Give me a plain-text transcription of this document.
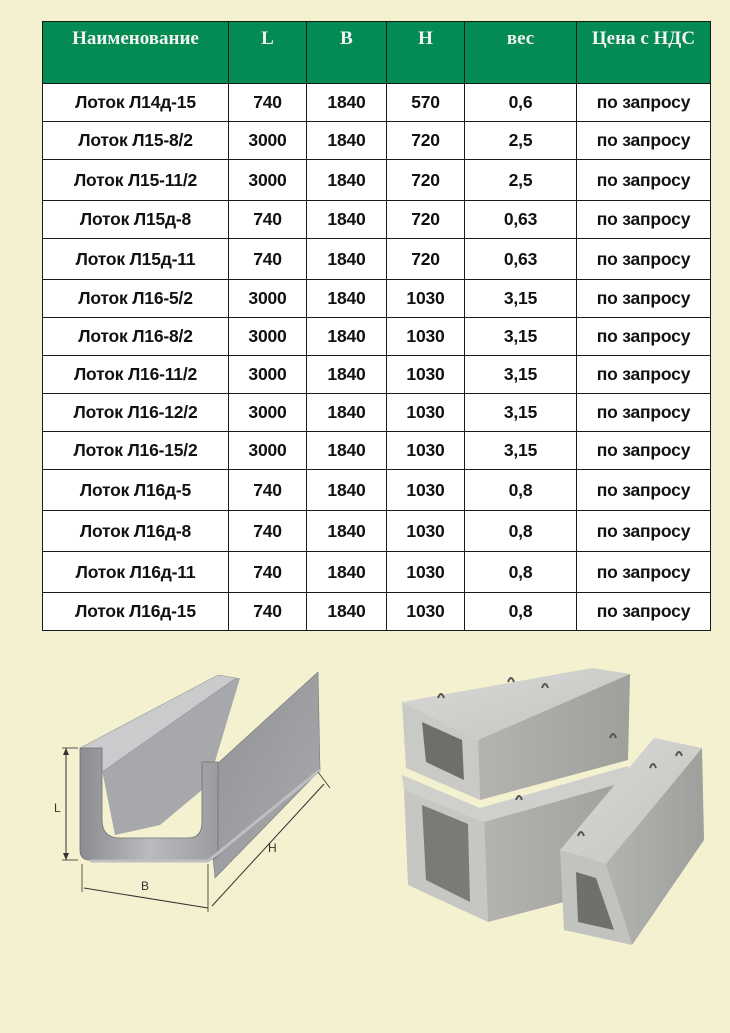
Наименование	L	B	H	вес	Цена с НДС
Лоток Л14д-15	740	1840	570	0,6	по запросу
Лоток Л15-8/2	3000	1840	720	2,5	по запросу
Лоток Л15-11/2	3000	1840	720	2,5	по запросу
Лоток Л15д-8	740	1840	720	0,63	по запросу
Лоток Л15д-11	740	1840	720	0,63	по запросу
Лоток Л16-5/2	3000	1840	1030	3,15	по запросу
Лоток Л16-8/2	3000	1840	1030	3,15	по запросу
Лоток Л16-11/2	3000	1840	1030	3,15	по запросу
Лоток Л16-12/2	3000	1840	1030	3,15	по запросу
Лоток Л16-15/2	3000	1840	1030	3,15	по запросу
Лоток Л16д-5	740	1840	1030	0,8	по запросу
Лоток Л16д-8	740	1840	1030	0,8	по запросу
Лоток Л16д-11	740	1840	1030	0,8	по запросу
Лоток Л16д-15	740	1840	1030	0,8	по запросу
L
B
H
